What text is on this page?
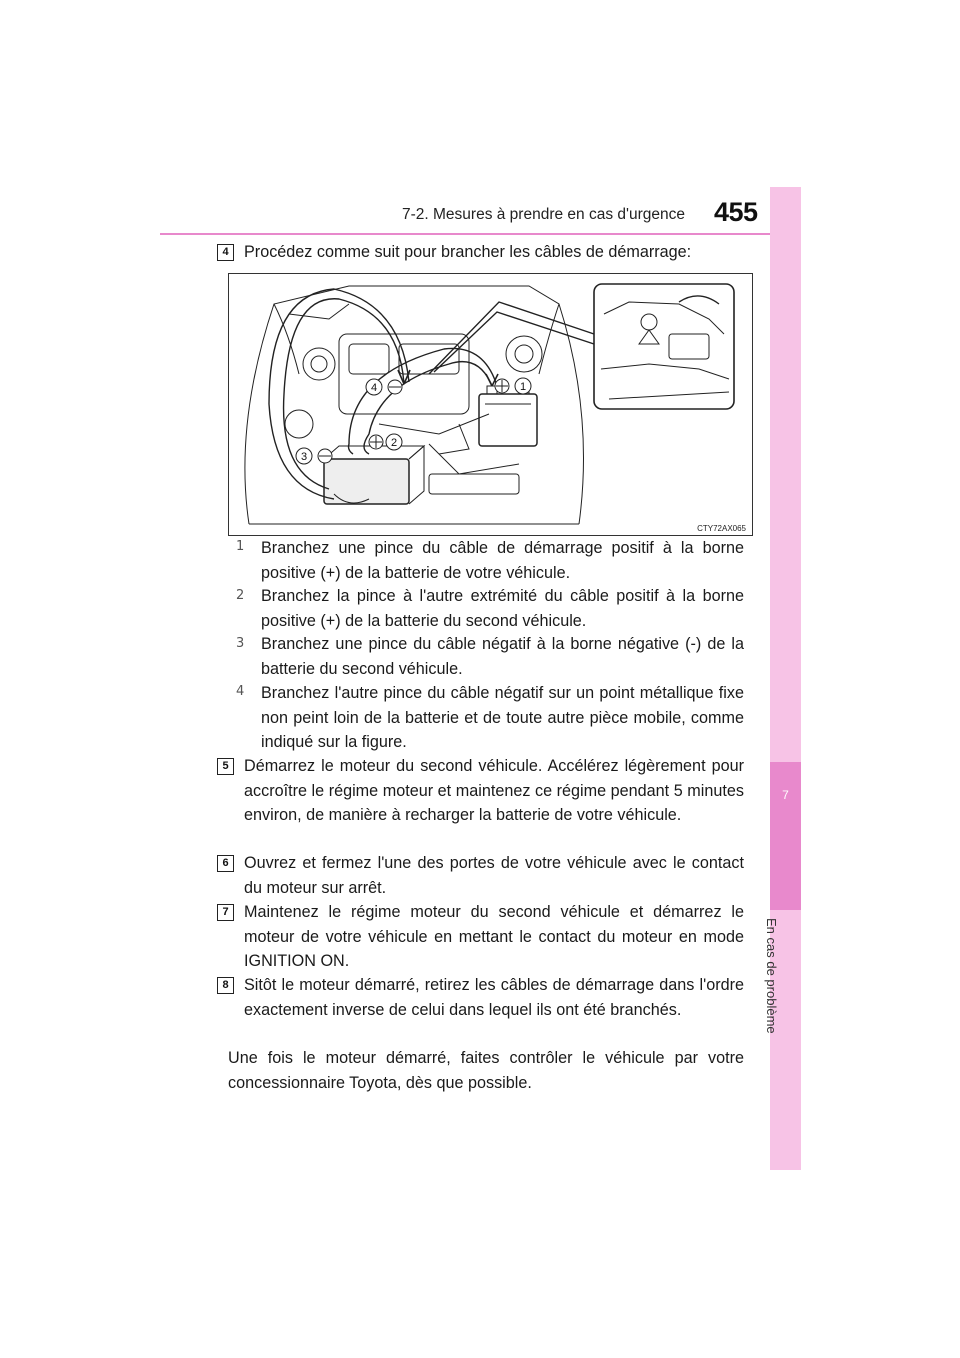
7-2. Mesures à prendre en cas d'urgence 455
7
En cas de problème
4 Procédez comme suit pour brancher les câbles de démarrage:
4
2
3
1
CTY72AX065
1	Branchez une pince du câble de démarrage positif à la borne positive (+) de la batterie de votre véhicule.
2	Branchez la pince à l'autre extrémité du câble positif à la borne positive (+) de la batterie du second véhicule.
3	Branchez une pince du câble négatif à la borne négative (-) de la batterie du second véhicule.
4	Branchez l'autre pince du câble négatif sur un point métallique fixe non peint loin de la batterie et de toute autre pièce mobile, comme indiqué sur la figure.
5 Démarrez le moteur du second véhicule. Accélérez légèrement pour accroître le régime moteur et maintenez ce régime pendant 5 minutes environ, de manière à recharger la batterie de votre véhicule.
6 Ouvrez et fermez l'une des portes de votre véhicule avec le contact du moteur sur arrêt.
7 Maintenez le régime moteur du second véhicule et démarrez le moteur de votre véhicule en mettant le contact du moteur en mode IGNITION ON.
8 Sitôt le moteur démarré, retirez les câbles de démarrage dans l'ordre exactement inverse de celui dans lequel ils ont été branchés.
Une fois le moteur démarré, faites contrôler le véhicule par votre concessionnaire Toyota, dès que possible.
